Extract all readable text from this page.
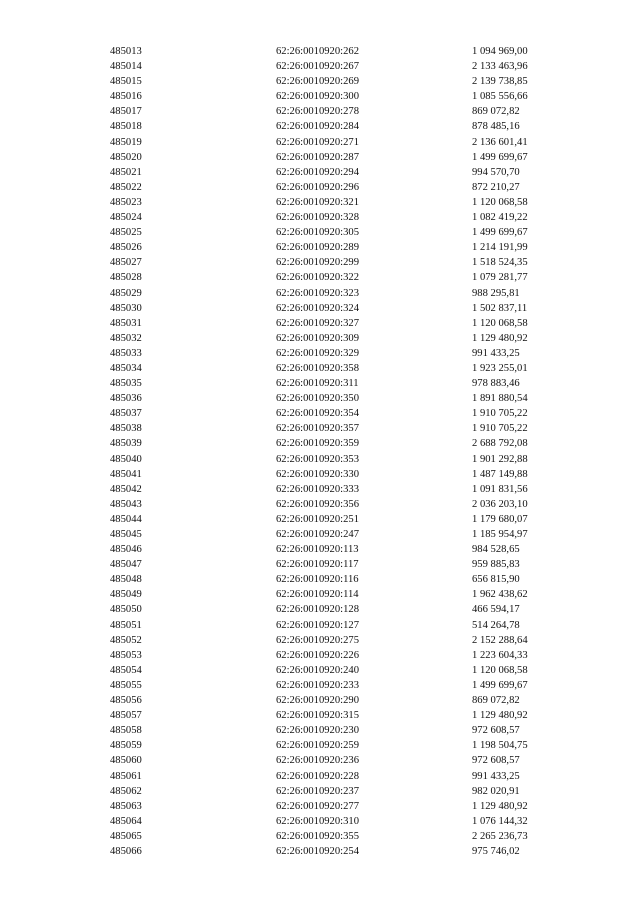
485013	62:26:0010920:262	1 094 969,00
485014	62:26:0010920:267	2 133 463,96
485015	62:26:0010920:269	2 139 738,85
485016	62:26:0010920:300	1 085 556,66
485017	62:26:0010920:278	869 072,82
485018	62:26:0010920:284	878 485,16
485019	62:26:0010920:271	2 136 601,41
485020	62:26:0010920:287	1 499 699,67
485021	62:26:0010920:294	994 570,70
485022	62:26:0010920:296	872 210,27
485023	62:26:0010920:321	1 120 068,58
485024	62:26:0010920:328	1 082 419,22
485025	62:26:0010920:305	1 499 699,67
485026	62:26:0010920:289	1 214 191,99
485027	62:26:0010920:299	1 518 524,35
485028	62:26:0010920:322	1 079 281,77
485029	62:26:0010920:323	988 295,81
485030	62:26:0010920:324	1 502 837,11
485031	62:26:0010920:327	1 120 068,58
485032	62:26:0010920:309	1 129 480,92
485033	62:26:0010920:329	991 433,25
485034	62:26:0010920:358	1 923 255,01
485035	62:26:0010920:311	978 883,46
485036	62:26:0010920:350	1 891 880,54
485037	62:26:0010920:354	1 910 705,22
485038	62:26:0010920:357	1 910 705,22
485039	62:26:0010920:359	2 688 792,08
485040	62:26:0010920:353	1 901 292,88
485041	62:26:0010920:330	1 487 149,88
485042	62:26:0010920:333	1 091 831,56
485043	62:26:0010920:356	2 036 203,10
485044	62:26:0010920:251	1 179 680,07
485045	62:26:0010920:247	1 185 954,97
485046	62:26:0010920:113	984 528,65
485047	62:26:0010920:117	959 885,83
485048	62:26:0010920:116	656 815,90
485049	62:26:0010920:114	1 962 438,62
485050	62:26:0010920:128	466 594,17
485051	62:26:0010920:127	514 264,78
485052	62:26:0010920:275	2 152 288,64
485053	62:26:0010920:226	1 223 604,33
485054	62:26:0010920:240	1 120 068,58
485055	62:26:0010920:233	1 499 699,67
485056	62:26:0010920:290	869 072,82
485057	62:26:0010920:315	1 129 480,92
485058	62:26:0010920:230	972 608,57
485059	62:26:0010920:259	1 198 504,75
485060	62:26:0010920:236	972 608,57
485061	62:26:0010920:228	991 433,25
485062	62:26:0010920:237	982 020,91
485063	62:26:0010920:277	1 129 480,92
485064	62:26:0010920:310	1 076 144,32
485065	62:26:0010920:355	2 265 236,73
485066	62:26:0010920:254	975 746,02
